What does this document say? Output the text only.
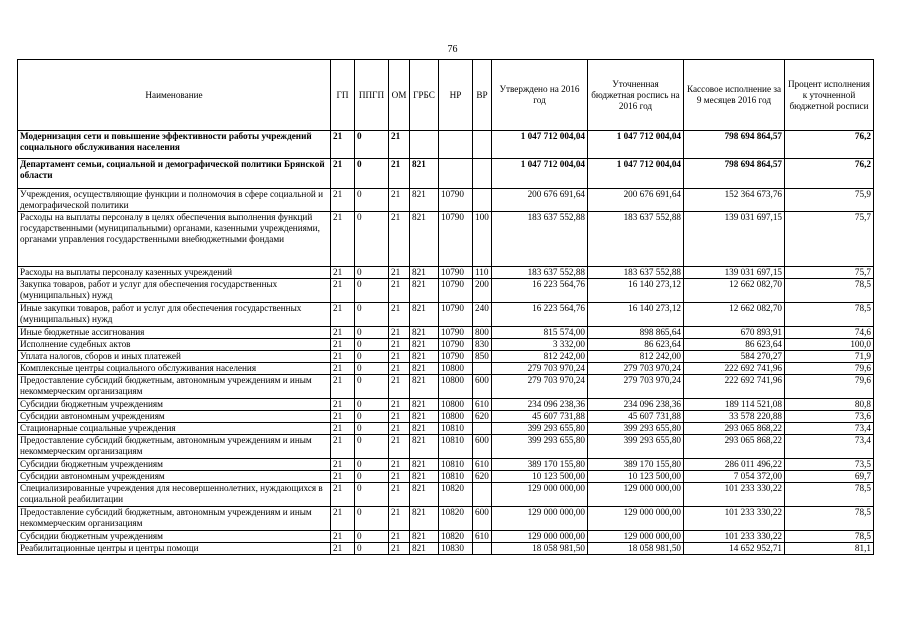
76
Наименование	ГП	ППГП	ОМ	ГРБС	НР	ВР	Утверждено на 2016 год	Уточненная бюджетная роспись на 2016 год	Кассовое исполнение за 9 месяцев 2016 год	Процент исполнения к уточненной бюджетной росписи
Модернизация сети и повышение эффективности работы учреждений социального обслуживания населения	21	0	21				1 047 712 004,04	1 047 712 004,04	798 694 864,57	76,2
Департамент семьи, социальной и демографической политики Брянской области	21	0	21	821			1 047 712 004,04	1 047 712 004,04	798 694 864,57	76,2
Учреждения, осуществляющие функции и полномочия в сфере социальной и демографической политики	21	0	21	821	10790		200 676 691,64	200 676 691,64	152 364 673,76	75,9
Расходы на выплаты персоналу в целях обеспечения выполнения функций государственными (муниципальными) органами, казенными учреждениями, органами управления государственными внебюджетными фондами	21	0	21	821	10790	100	183 637 552,88	183 637 552,88	139 031 697,15	75,7
Расходы на выплаты персоналу казенных учреждений	21	0	21	821	10790	110	183 637 552,88	183 637 552,88	139 031 697,15	75,7
Закупка товаров, работ и услуг для обеспечения государственных (муниципальных) нужд	21	0	21	821	10790	200	16 223 564,76	16 140 273,12	12 662 082,70	78,5
Иные закупки товаров, работ и услуг для обеспечения государственных (муниципальных) нужд	21	0	21	821	10790	240	16 223 564,76	16 140 273,12	12 662 082,70	78,5
Иные бюджетные ассигнования	21	0	21	821	10790	800	815 574,00	898 865,64	670 893,91	74,6
Исполнение судебных актов	21	0	21	821	10790	830	3 332,00	86 623,64	86 623,64	100,0
Уплата налогов, сборов и иных платежей	21	0	21	821	10790	850	812 242,00	812 242,00	584 270,27	71,9
Комплексные центры социального обслуживания населения	21	0	21	821	10800		279 703 970,24	279 703 970,24	222 692 741,96	79,6
Предоставление субсидий бюджетным, автономным учреждениям и иным некоммерческим организациям	21	0	21	821	10800	600	279 703 970,24	279 703 970,24	222 692 741,96	79,6
Субсидии бюджетным учреждениям	21	0	21	821	10800	610	234 096 238,36	234 096 238,36	189 114 521,08	80,8
Субсидии автономным учреждениям	21	0	21	821	10800	620	45 607 731,88	45 607 731,88	33 578 220,88	73,6
Стационарные социальные учреждения	21	0	21	821	10810		399 293 655,80	399 293 655,80	293 065 868,22	73,4
Предоставление субсидий бюджетным, автономным учреждениям и иным некоммерческим организациям	21	0	21	821	10810	600	399 293 655,80	399 293 655,80	293 065 868,22	73,4
Субсидии бюджетным учреждениям	21	0	21	821	10810	610	389 170 155,80	389 170 155,80	286 011 496,22	73,5
Субсидии автономным учреждениям	21	0	21	821	10810	620	10 123 500,00	10 123 500,00	7 054 372,00	69,7
Специализированные учреждения для несовершеннолетних, нуждающихся в социальной реабилитации	21	0	21	821	10820		129 000 000,00	129 000 000,00	101 233 330,22	78,5
Предоставление субсидий бюджетным, автономным учреждениям и иным некоммерческим организациям	21	0	21	821	10820	600	129 000 000,00	129 000 000,00	101 233 330,22	78,5
Субсидии бюджетным учреждениям	21	0	21	821	10820	610	129 000 000,00	129 000 000,00	101 233 330,22	78,5
Реабилитационные центры и центры помощи	21	0	21	821	10830		18 058 981,50	18 058 981,50	14 652 952,71	81,1
